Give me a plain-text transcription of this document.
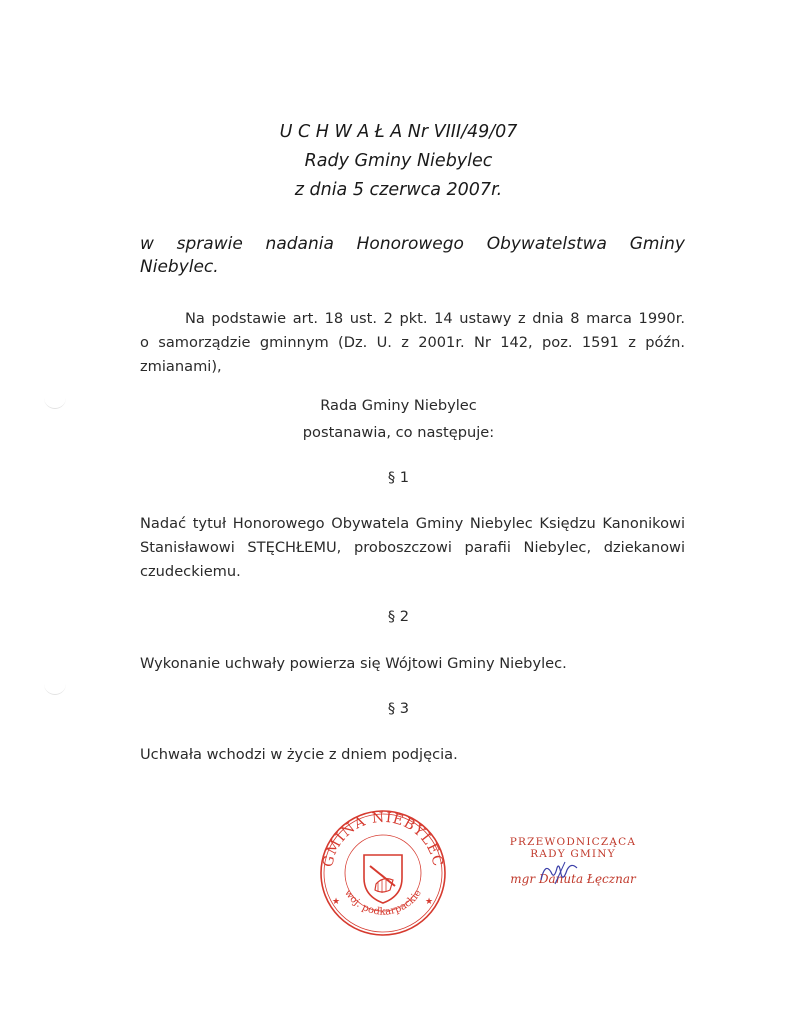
U C H W A Ł A Nr VIII/49/07
Rady Gminy Niebylec
z dnia 5 czerwca 2007r.
w sprawie nadania Honorowego Obywatelstwa Gminy
Niebylec.
Na podstawie art. 18 ust. 2 pkt. 14 ustawy z dnia 8 marca 1990r.
o samorządzie gminnym (Dz. U. z 2001r. Nr 142, poz. 1591 z późn.
zmianami),
Rada Gminy Niebylec
postanawia, co następuje:
§ 1
Nadać tytuł Honorowego Obywatela Gminy Niebylec Księdzu Kanonikowi
Stanisławowi STĘCHŁEMU, proboszczowi parafii Niebylec, dziekanowi
czudeckiemu.
§ 2
Wykonanie uchwały powierza się Wójtowi Gminy Niebylec.
§ 3
Uchwała wchodzi w życie z dniem podjęcia.
GMINA NIEBYLEC
woj. podkarpackie
★	★
PRZEWODNICZĄCA
RADY GMINY
mgr Danuta Łęcznar
